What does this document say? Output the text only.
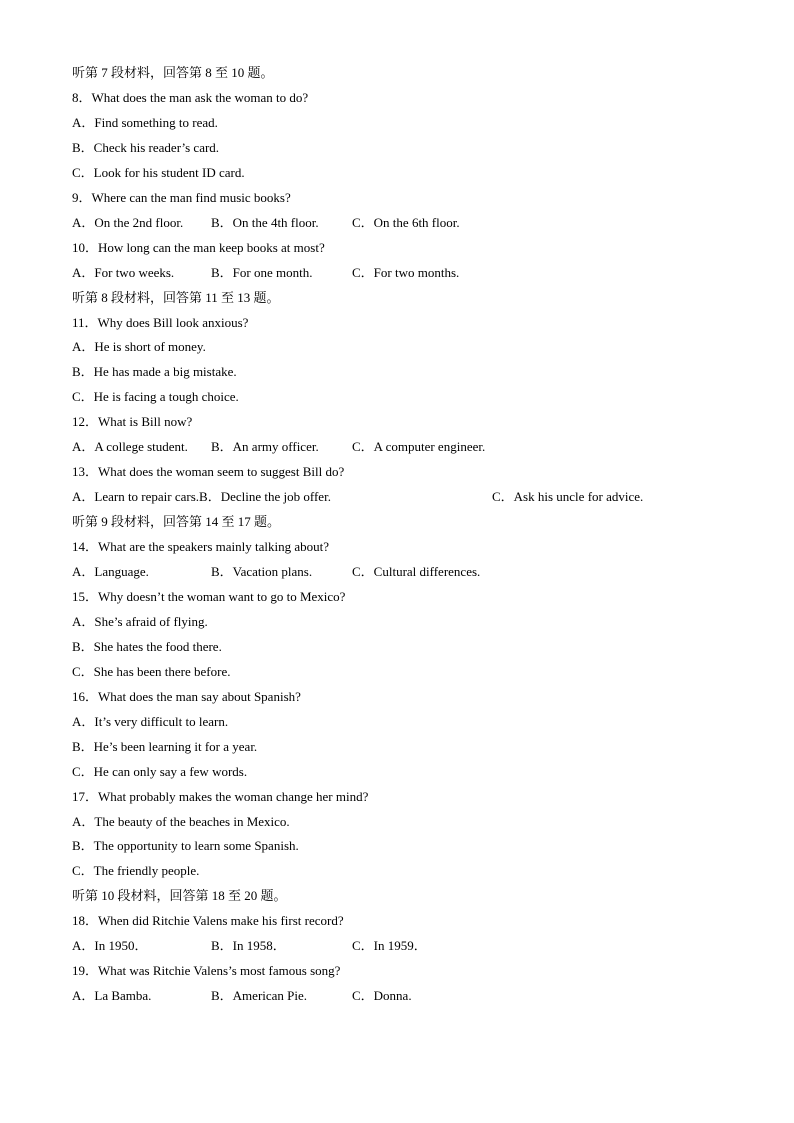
听第 7 段材料，回答第 8 至 10 题。
8．What does the man ask the woman to do?
A．Find something to read.
B．Check his reader’s card.
C．Look for his student ID card.
9．Where can the man find music books?
A．On the 2nd floor. B．On the 4th floor.	C．On the 6th floor.
10．How long can the man keep books at most?
A．For two weeks.	B．For one month.	C．For two months.
听第 8 段材料，回答第 11 至 13 题。
11．Why does Bill look anxious?
A．He is short of money.
B．He has made a big mistake.
C．He is facing a tough choice.
12．What is Bill now?
A．A college student. B．An army officer.	C．A computer engineer.
13．What does the woman seem to suggest Bill do?
A．Learn to repair cars.B．Decline the job offer.	C．Ask his uncle for advice.
听第 9 段材料，回答第 14 至 17 题。
14．What are the speakers mainly talking about?
A．Language.	B．Vacation plans.	C．Cultural differences.
15．Why doesn’t the woman want to go to Mexico?
A．She’s afraid of flying.
B．She hates the food there.
C．She has been there before.
16．What does the man say about Spanish?
A．It’s very difficult to learn.
B．He’s been learning it for a year.
C．He can only say a few words.
17．What probably makes the woman change her mind?
A．The beauty of the beaches in Mexico.
B．The opportunity to learn some Spanish.
C．The friendly people.
听第 10 段材料，回答第 18 至 20 题。
18．When did Ritchie Valens make his first record?
A．In 1950．	B．In 1958．	C．In 1959．
19．What was Ritchie Valens’s most famous song?
A．La Bamba.	B．American Pie.	C．Donna.
